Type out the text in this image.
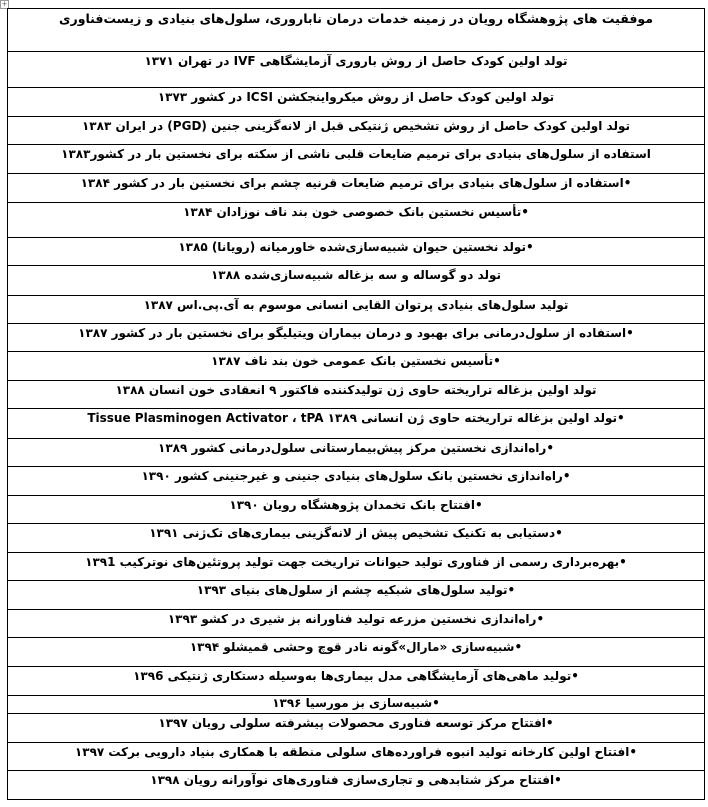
+
موفقیت های پژوهشگاه رویان در زمینه خدمات درمان ناباروری، سلول‌های بنیادی و زیست‌فناوری
تولد اولین کودک حاصل از روش باروری آزمایشگاهی IVF در تهران ۱۳۷۱
تولد اولین کودک حاصل از روش میکرواینجکشن ICSI در کشور ۱۳۷۳
تولد اولین کودک حاصل از روش تشخیص ژنتیکی قبل از لانه‌گزینی جنین (PGD) در ایران ۱۳۸۳
استفاده از سلول‌های بنیادی برای ترمیم ضایعات قلبی ناشی از سکته برای نخستین بار در کشور۱۳۸۳
•استفاده از سلول‌های بنیادی برای ترمیم ضایعات قرنیه چشم برای نخستین بار در کشور ۱۳۸۴
•تأسیس نخستین بانک خصوصی خون بند ناف نوزادان ۱۳۸۴
•تولد نخستین حیوان شبیه‌سازی‌شده خاورمیانه (رویانا) ۱۳۸۵
تولد دو گوساله و سه بزغاله شبیه‌سازی‌شده ۱۳۸۸
تولید سلول‌های بنیادی پرتوان القایی انسانی موسوم به آی.پی.اس ۱۳۸۷
•استفاده از سلول‌درمانی برای بهبود و درمان بیماران ویتیلیگو برای نخستین بار در کشور ۱۳۸۷
•تأسیس نخستین بانک عمومی خون بند ناف ۱۳۸۷
تولد اولین بزغاله تراریخته حاوی ژن تولیدکننده فاکتور ۹ انعقادی خون انسان ۱۳۸۸
•تولد اولین بزغاله تراریخته حاوی ژن انسانی Tissue Plasminogen Activator ، tPA ۱۳۸۹
•راه‌اندازی نخستین مرکز پیش‌بیمارستانی سلول‌درمانی کشور ۱۳۸۹
•راه‌اندازی نخستین بانک سلول‌های بنیادی جنینی و غیرجنینی کشور ۱۳۹۰
•افتتاح بانک تخمدان پژوهشگاه رویان ۱۳۹۰
•دستیابی به تکنیک تشخیص پیش از لانه‌گزینی بیماری‌های تک‌ژنی ۱۳۹۱
•بهره‌برداری رسمی از فناوری تولید حیوانات تراریخت جهت تولید پروتئین‌های نوترکیب ۱۳۹1
•تولید سلول‌های شبکیه چشم از سلول‌های بنیای ۱۳۹۳
•راه‌اندازی نخستین مزرعه تولید فناورانه بز شیری در کشو ۱۳۹۳
•شبیه‌سازی «مارال»گونه نادر قوچ وحشی قمیشلو ۱۳۹۴
•تولید ماهی‌های آزمایشگاهی مدل بیماری‌ها به‌وسیله دستکاری ژنتیکی ۱۳۹6
•شبیه‌سازی بز مورسیا ۱۳۹۶
•افتتاح مرکز توسعه فناوری محصولات پیشرفته سلولی رویان ۱۳۹۷
•افتتاح اولین کارخانه تولید انبوه فراورده‌های سلولی منطقه با همکاری بنیاد دارویی برکت ۱۳۹۷
•افتتاح مرکز شتابدهی و تجاری‌سازی فناوری‌های نوآورانه رویان ۱۳۹۸
